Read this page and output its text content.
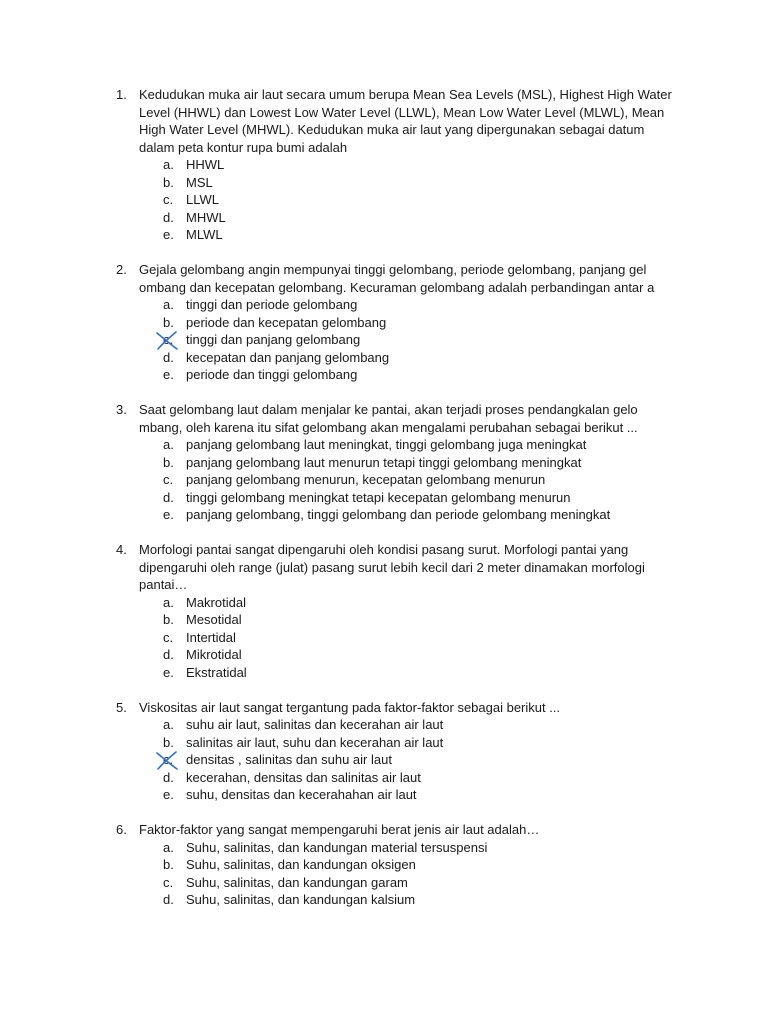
1. Kedudukan muka air laut secara umum berupa Mean Sea Levels (MSL), Highest High Water Level (HHWL) dan Lowest Low Water Level (LLWL), Mean Low Water Level (MLWL), Mean High Water Level (MHWL). Kedudukan muka air laut yang dipergunakan sebagai datum dalam peta kontur rupa bumi adalah

a. HHWL
b. MSL
c. LLWL
d. MHWL
e. MLWL
2. Gejala gelombang angin mempunyai tinggi gelombang, periode gelombang, panjang gel ombang dan kecepatan gelombang. Kecuraman gelombang adalah perbandingan antar a

a. tinggi dan periode gelombang
b. periode dan kecepatan gelombang
c. tinggi dan panjang gelombang
d. kecepatan dan panjang gelombang
e. periode dan tinggi gelombang
3. Saat gelombang laut dalam menjalar ke pantai, akan terjadi proses pendangkalan gelo mbang, oleh karena itu sifat gelombang akan mengalami perubahan sebagai berikut ...

a. panjang gelombang laut meningkat, tinggi gelombang juga meningkat
b. panjang gelombang laut menurun tetapi tinggi gelombang meningkat
c. panjang gelombang menurun, kecepatan gelombang menurun
d. tinggi gelombang meningkat tetapi kecepatan gelombang menurun
e. panjang gelombang, tinggi gelombang dan periode gelombang meningkat
4. Morfologi pantai sangat dipengaruhi oleh kondisi pasang surut. Morfologi pantai yang dipengaruhi oleh range (julat) pasang surut lebih kecil dari 2 meter dinamakan morfologi pantai…

a. Makrotidal
b. Mesotidal
c. Intertidal
d. Mikrotidal
e. Ekstratidal
5. Viskositas air laut sangat tergantung pada faktor-faktor sebagai berikut ...

a. suhu air laut, salinitas dan kecerahan air laut
b. salinitas air laut, suhu dan kecerahan air laut
c. densitas , salinitas dan suhu air laut
d. kecerahan, densitas dan salinitas air laut
e. suhu, densitas dan kecerahahan air laut
6. Faktor-faktor yang sangat mempengaruhi berat jenis air laut adalah…

a. Suhu, salinitas, dan kandungan material tersuspensi
b. Suhu, salinitas, dan kandungan oksigen
c. Suhu, salinitas, dan kandungan garam
d. Suhu, salinitas, dan kandungan kalsium
